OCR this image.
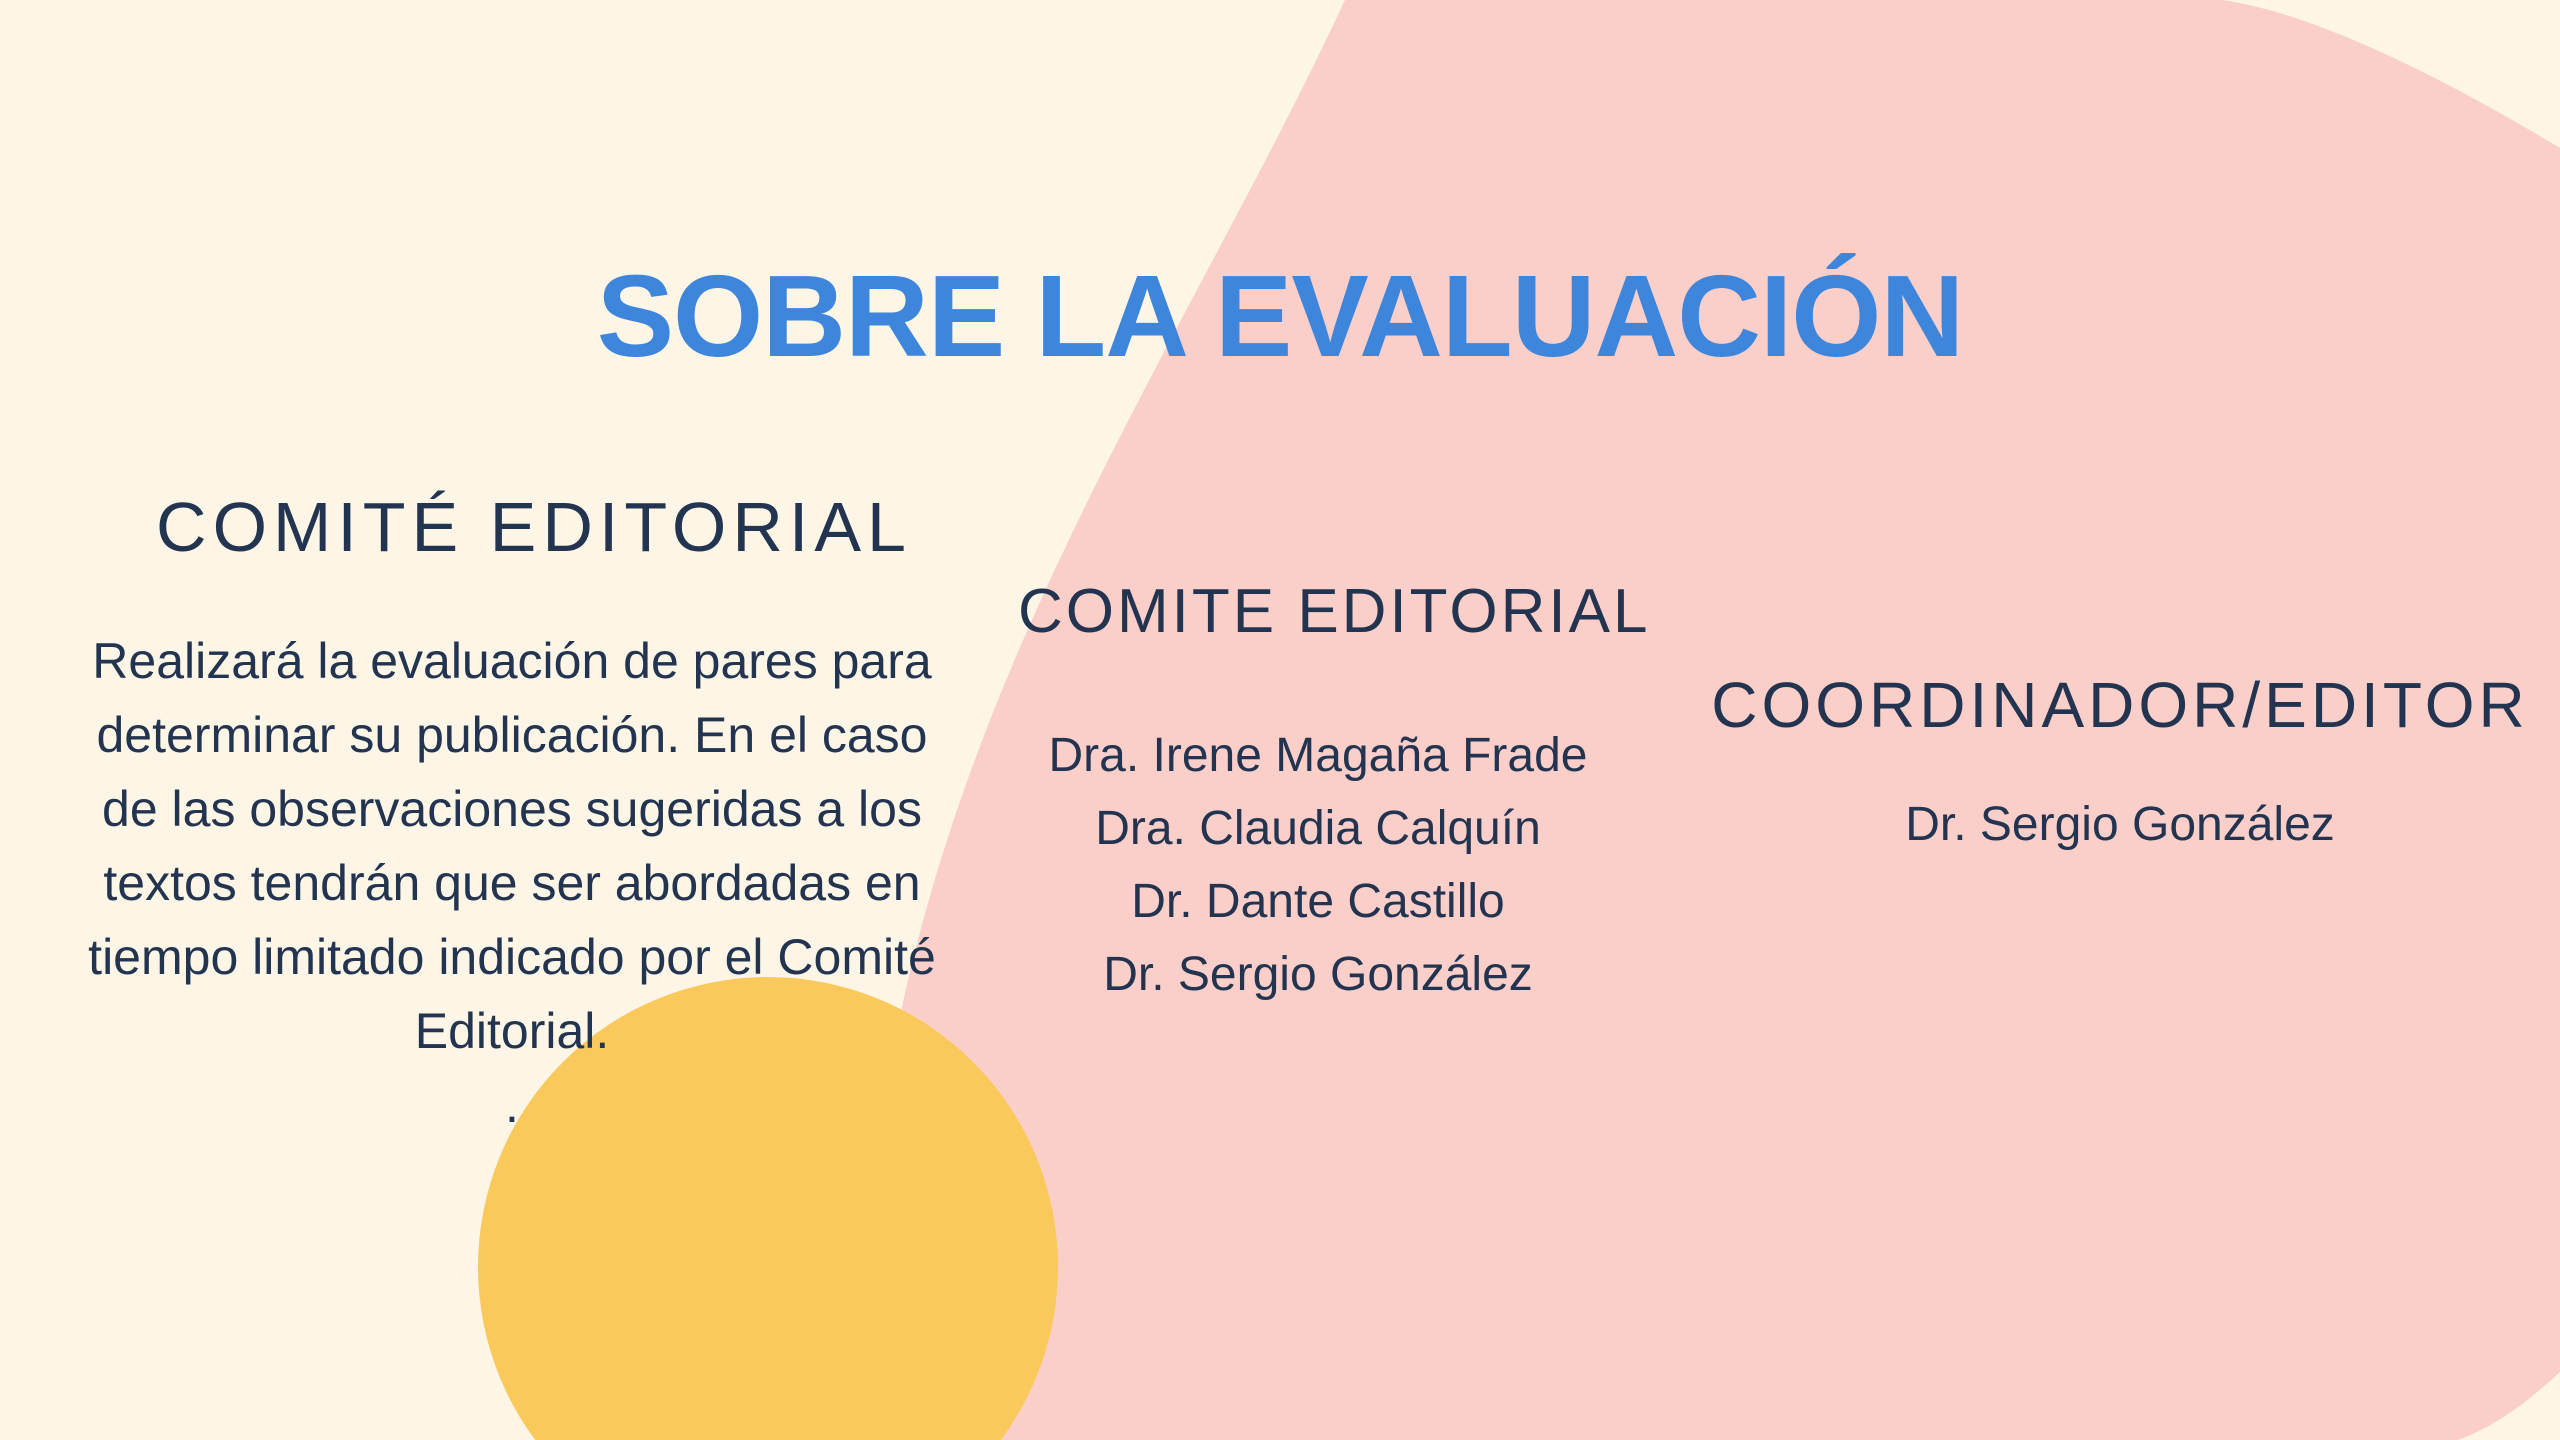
SOBRE LA EVALUACIÓN
COMITÉ EDITORIAL
Realizará la evaluación de pares para
determinar su publicación. En el caso
de las observaciones sugeridas a los
textos tendrán que ser abordadas en
tiempo limitado indicado por el Comité
Editorial.
.
COMITE EDITORIAL
Dra. Irene Magaña Frade
Dra. Claudia Calquín
Dr. Dante Castillo
Dr. Sergio González
COORDINADOR/EDITOR
Dr. Sergio González
